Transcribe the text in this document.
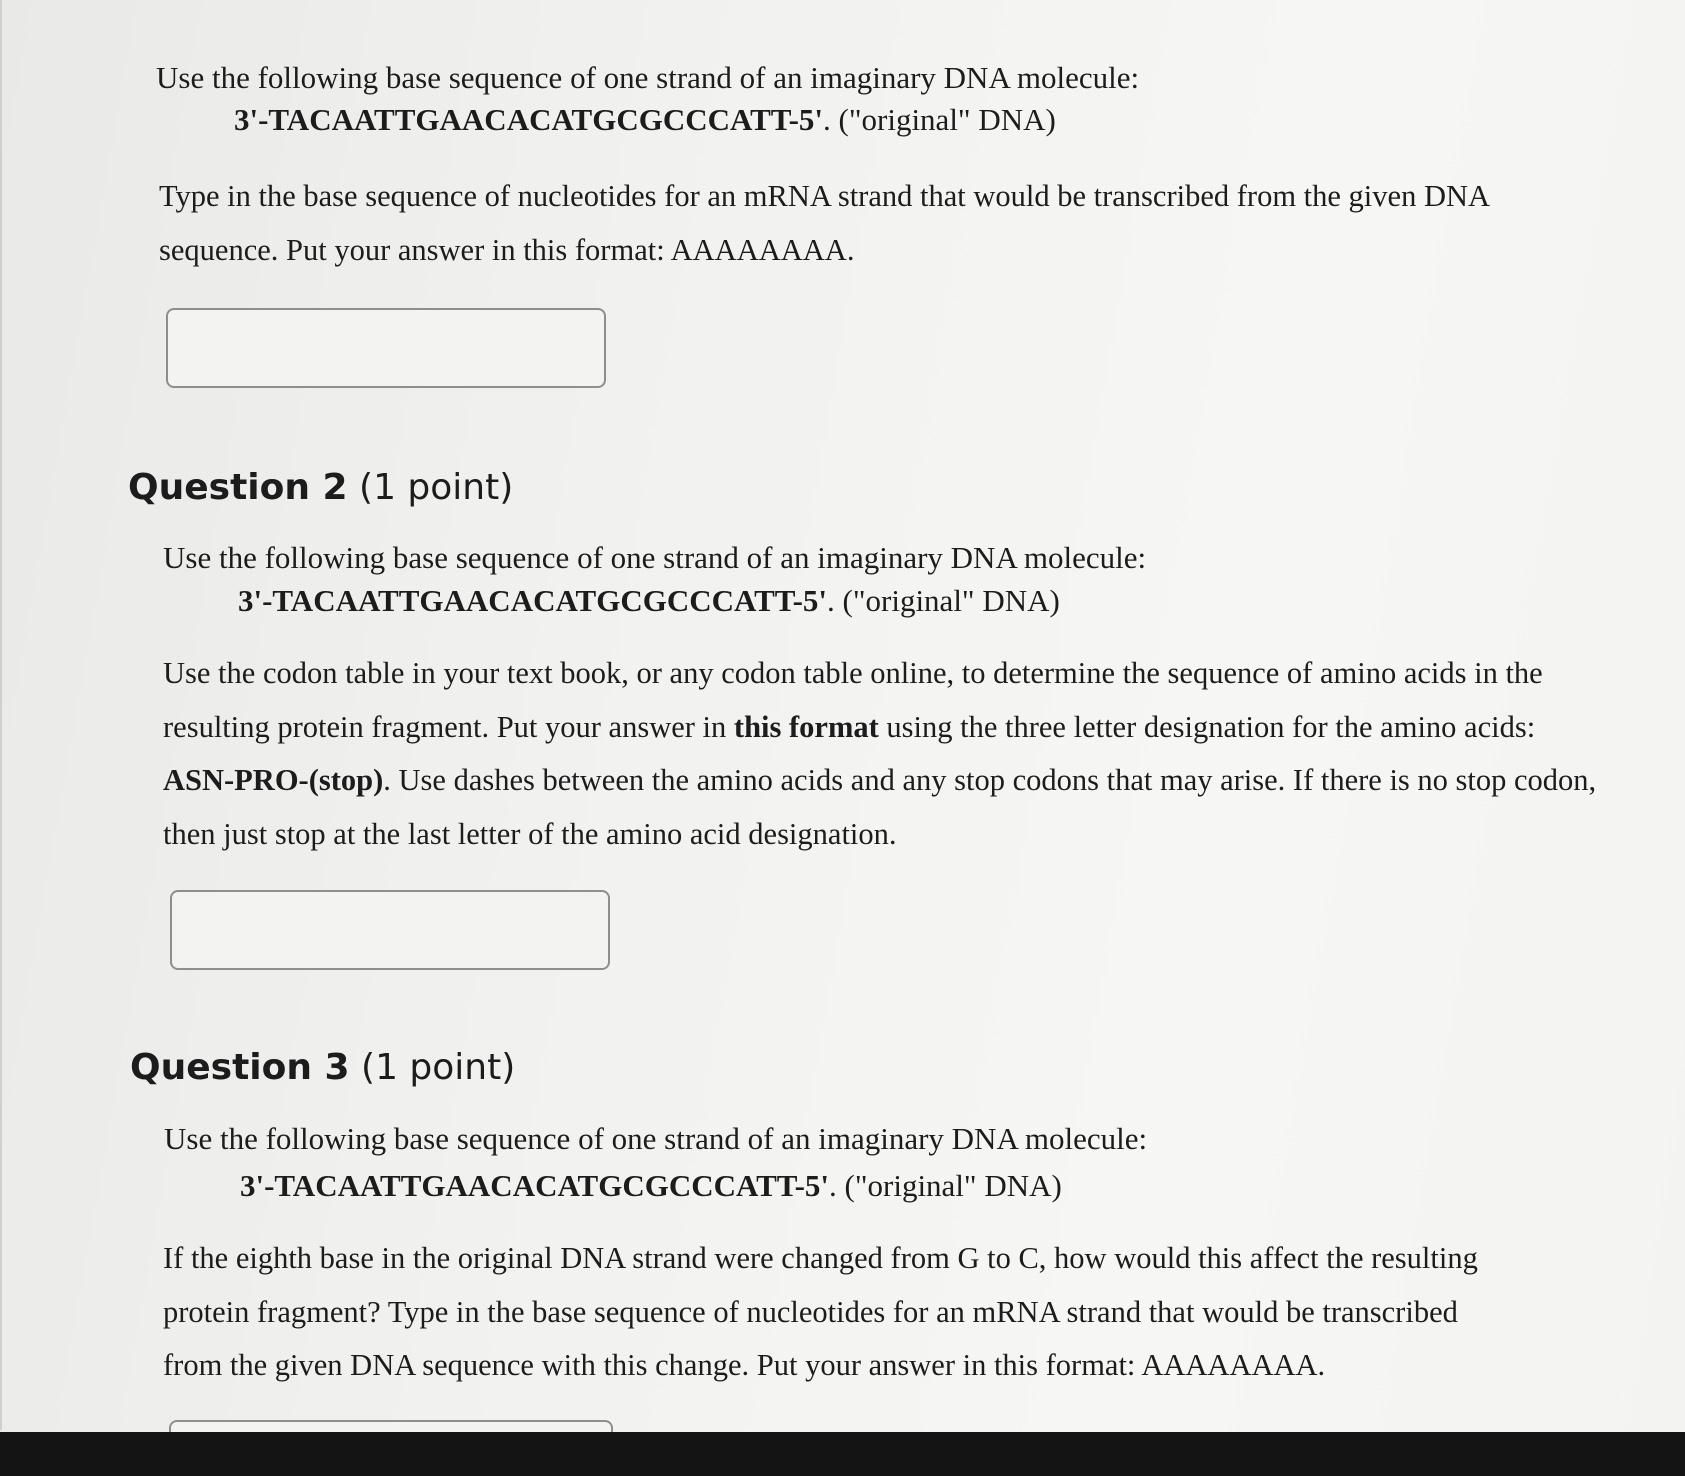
Use the following base sequence of one strand of an imaginary DNA molecule:
3'-TACAATTGAACACATGCGCCCATT-5'. ("original" DNA)
Type in the base sequence of nucleotides for an mRNA strand that would be transcribed from the given DNA
sequence. Put your answer in this format: AAAAAAAA.
Question 2 (1 point)
Use the following base sequence of one strand of an imaginary DNA molecule:
3'-TACAATTGAACACATGCGCCCATT-5'. ("original" DNA)
Use the codon table in your text book, or any codon table online, to determine the sequence of amino acids in the resulting protein fragment. Put your answer in this format using the three letter designation for the amino acids: ASN-PRO-(stop). Use dashes between the amino acids and any stop codons that may arise. If there is no stop codon, then just stop at the last letter of the amino acid designation.
Question 3 (1 point)
Use the following base sequence of one strand of an imaginary DNA molecule:
3'-TACAATTGAACACATGCGCCCATT-5'. ("original" DNA)
If the eighth base in the original DNA strand were changed from G to C, how would this affect the resulting
protein fragment? Type in the base sequence of nucleotides for an mRNA strand that would be transcribed
from the given DNA sequence with this change. Put your answer in this format: AAAAAAAA.
